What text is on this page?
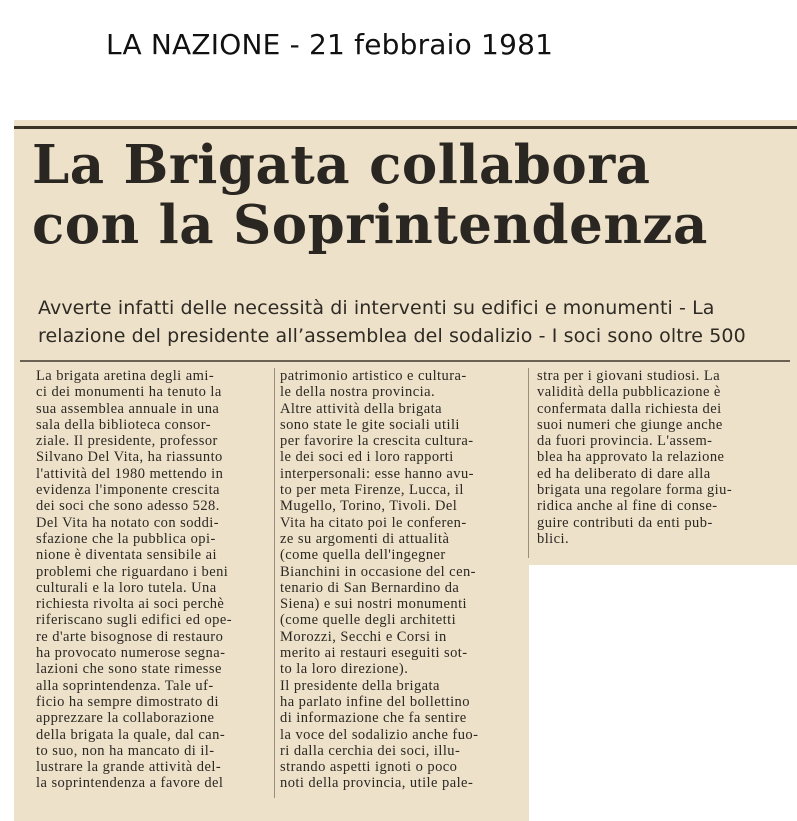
LA NAZIONE - 21 febbraio 1981
La Brigata collabora
con la Soprintendenza
Avverte infatti delle necessità di interventi su edifici e monumenti - La
relazione del presidente all’assemblea del sodalizio - I soci sono oltre 500
La brigata aretina degli ami-
ci dei monumenti ha tenuto la
sua assemblea annuale in una
sala della biblioteca consor-
ziale. Il presidente, professor
Silvano Del Vita, ha riassunto
l'attività del 1980 mettendo in
evidenza l'imponente crescita
dei soci che sono adesso 528.
Del Vita ha notato con soddi-
sfazione che la pubblica opi-
nione è diventata sensibile ai
problemi che riguardano i beni
culturali e la loro tutela. Una
richiesta rivolta ai soci perchè
riferiscano sugli edifici ed ope-
re d'arte bisognose di restauro
ha provocato numerose segna-
lazioni che sono state rimesse
alla soprintendenza. Tale uf-
ficio ha sempre dimostrato di
apprezzare la collaborazione
della brigata la quale, dal can-
to suo, non ha mancato di il-
lustrare la grande attività del-
la soprintendenza a favore del
patrimonio artistico e cultura-
le della nostra provincia.
Altre attività della brigata
sono state le gite sociali utili
per favorire la crescita cultura-
le dei soci ed i loro rapporti
interpersonali: esse hanno avu-
to per meta Firenze, Lucca, il
Mugello, Torino, Tivoli. Del
Vita ha citato poi le conferen-
ze su argomenti di attualità
(come quella dell'ingegner
Bianchini in occasione del cen-
tenario di San Bernardino da
Siena) e sui nostri monumenti
(come quelle degli architetti
Morozzi, Secchi e Corsi in
merito ai restauri eseguiti sot-
to la loro direzione).
Il presidente della brigata
ha parlato infine del bollettino
di informazione che fa sentire
la voce del sodalizio anche fuo-
ri dalla cerchia dei soci, illu-
strando aspetti ignoti o poco
noti della provincia, utile pale-
stra per i giovani studiosi. La
validità della pubblicazione è
confermata dalla richiesta dei
suoi numeri che giunge anche
da fuori provincia. L'assem-
blea ha approvato la relazione
ed ha deliberato di dare alla
brigata una regolare forma giu-
ridica anche al fine di conse-
guire contributi da enti pub-
blici.
